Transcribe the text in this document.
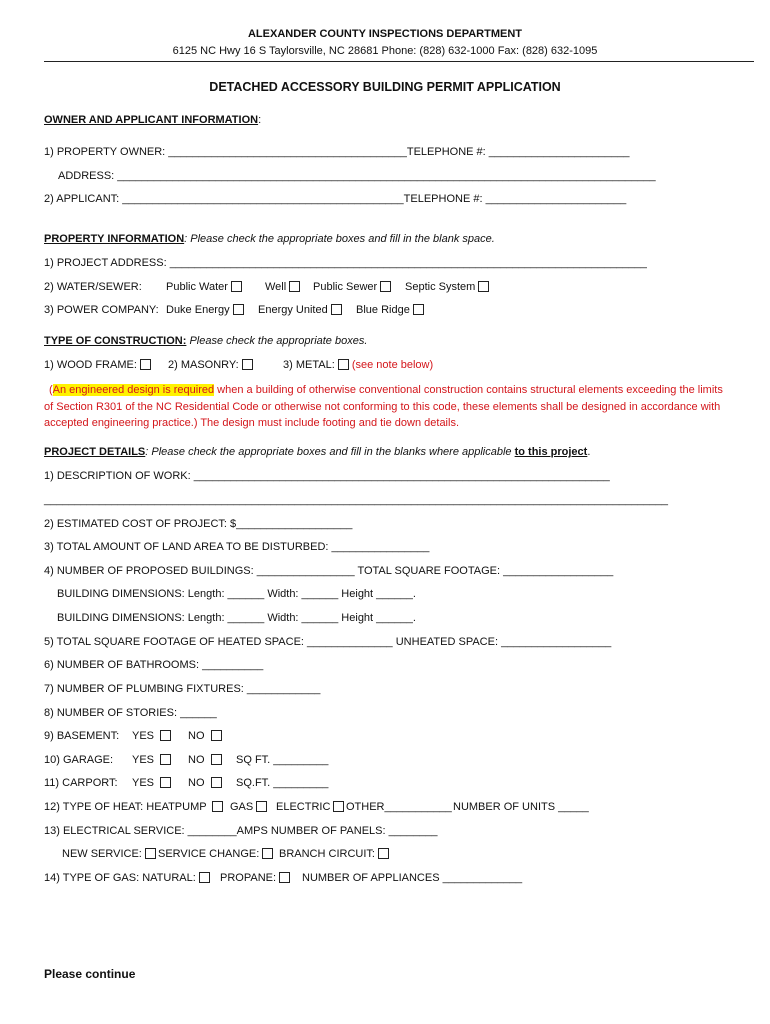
ALEXANDER COUNTY INSPECTIONS DEPARTMENT
6125 NC Hwy 16 S Taylorsville, NC 28681 Phone: (828) 632-1000 Fax: (828) 632-1095
DETACHED ACCESSORY BUILDING PERMIT APPLICATION
OWNER AND APPLICANT INFORMATION:
1) PROPERTY OWNER: _______________________________________TELEPHONE #: _______________________
ADDRESS: ________________________________________________________________________________________
2) APPLICANT: ______________________________________________TELEPHONE #: _______________________
PROPERTY INFORMATION: Please check the appropriate boxes and fill in the blank space.
1) PROJECT ADDRESS: ______________________________________________________________________________
2) WATER/SEWER: Public Water	Well	Public Sewer	Septic System
3) POWER COMPANY: Duke Energy	Energy United	Blue Ridge
TYPE OF CONSTRUCTION: Please check the appropriate boxes.
1) WOOD FRAME:	2) MASONRY:	3) METAL: (see note below)
(An engineered design is required when a building of otherwise conventional construction contains structural elements exceeding the limits of Section R301 of the NC Residential Code or otherwise not conforming to this code, these elements shall be designed in accordance with accepted engineering practice.) The design must include footing and tie down details.
PROJECT DETAILS: Please check the appropriate boxes and fill in the blanks where applicable to this project.
1) DESCRIPTION OF WORK: ____________________________________________________________________
______________________________________________________________________________________________________
2) ESTIMATED COST OF PROJECT: $___________________
3) TOTAL AMOUNT OF LAND AREA TO BE DISTURBED: ________________
4) NUMBER OF PROPOSED BUILDINGS: ________________ TOTAL SQUARE FOOTAGE: __________________
BUILDING DIMENSIONS: Length: ______ Width: ______ Height ______.
BUILDING DIMENSIONS: Length: ______ Width: ______ Height ______.
5) TOTAL SQUARE FOOTAGE OF HEATED SPACE: ______________ UNHEATED SPACE: __________________
6) NUMBER OF BATHROOMS: __________
7) NUMBER OF PLUMBING FIXTURES: ____________
8) NUMBER OF STORIES: ______
9) BASEMENT: YES	NO
10) GARAGE: YES	NO	SQ FT. _________
11) CARPORT: YES	NO	SQ.FT. _________
12) TYPE OF HEAT: HEATPUMP	GAS	ELECTRIC	OTHER___________ NUMBER OF UNITS _____
13) ELECTRICAL SERVICE: ________AMPS NUMBER OF PANELS: ________
NEW SERVICE:	SERVICE CHANGE:	BRANCH CIRCUIT:
14) TYPE OF GAS: NATURAL:	PROPANE:	NUMBER OF APPLIANCES _____________
Please continue
